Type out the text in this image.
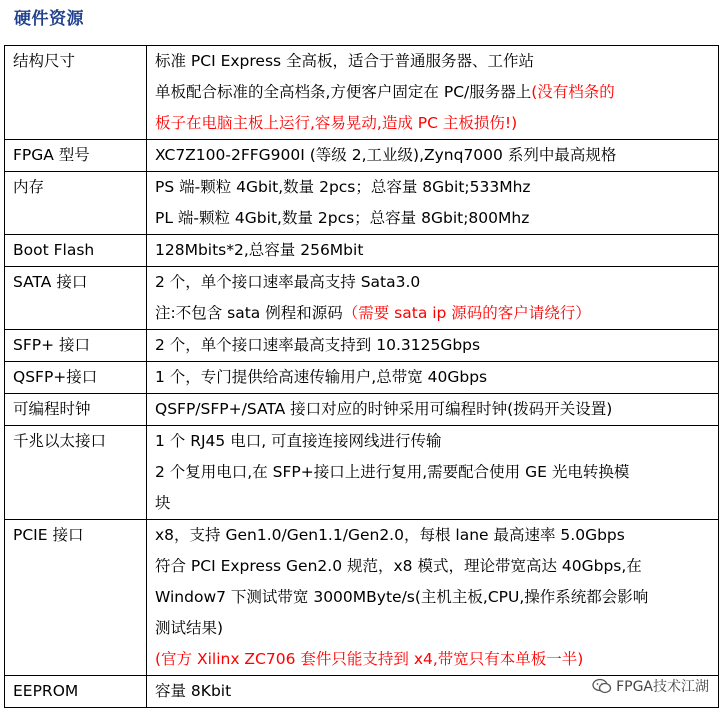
硬件资源
结构尺寸	标准 PCI Express 全高板，适合于普通服务器、工作站
单板配合标准的全高档条,方便客户固定在 PC/服务器上(没有档条的
板子在电脑主板上运行,容易晃动,造成 PC 主板损伤!)

FPGA 型号	XC7Z100-2FFG900I (等级 2,工业级),Zynq7000 系列中最高规格

内存	PS 端-颗粒 4Gbit,数量 2pcs；总容量 8Gbit;533Mhz
PL 端-颗粒 4Gbit,数量 2pcs；总容量 8Gbit;800Mhz

Boot Flash	128Mbits*2,总容量 256Mbit

SATA 接口	2 个，单个接口速率最高支持 Sata3.0
注:不包含 sata 例程和源码（需要 sata ip 源码的客户请绕行）

SFP+ 接口	2 个，单个接口速率最高支持到 10.3125Gbps

QSFP+接口	1 个，专门提供给高速传输用户,总带宽 40Gbps

可编程时钟	QSFP/SFP+/SATA 接口对应的时钟采用可编程时钟(拨码开关设置)

千兆以太接口	1 个 RJ45 电口, 可直接连接网线进行传输
2 个复用电口,在 SFP+接口上进行复用,需要配合使用 GE 光电转换模
块

PCIE 接口	x8，支持 Gen1.0/Gen1.1/Gen2.0，每根 lane 最高速率 5.0Gbps
符合 PCI Express Gen2.0 规范，x8 模式，理论带宽高达 40Gbps,在
Window7 下测试带宽 3000MByte/s(主机主板,CPU,操作系统都会影响
测试结果)
(官方 Xilinx ZC706 套件只能支持到 x4,带宽只有本单板一半)

EEPROM	容量 8Kbit	FPGA技术江湖
